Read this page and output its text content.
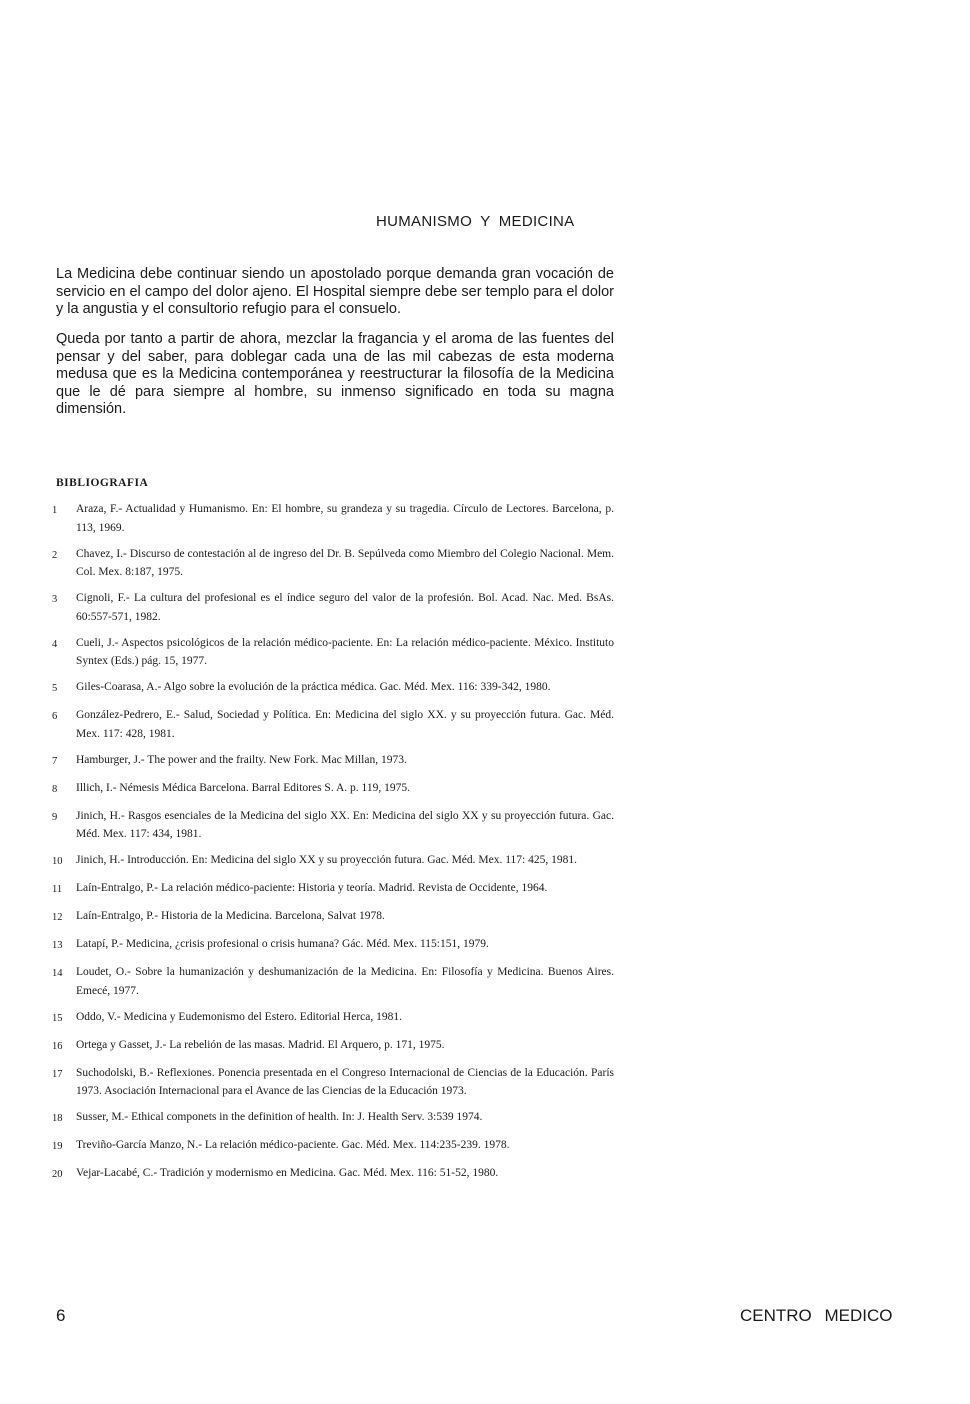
HUMANISMO Y MEDICINA

La Medicina debe continuar siendo un apostolado porque demanda gran vocación de servicio en el campo del dolor ajeno. El Hospital siempre debe ser templo para el dolor y la angustia y el consultorio refugio para el consuelo.

Queda por tanto a partir de ahora, mezclar la fragancia y el aroma de las fuentes del pensar y del saber, para doblegar cada una de las mil cabezas de esta moderna medusa que es la Medicina contemporánea y reestructurar la filosofía de la Medicina que le dé para siempre al hombre, su inmenso significado en toda su magna dimensión.

BIBLIOGRAFIA
1	Araza, F.- Actualidad y Humanismo. En: El hombre, su grandeza y su tragedia. Círculo de Lectores. Barcelona, p. 113, 1969.
2	Chavez, I.- Discurso de contestación al de ingreso del Dr. B. Sepúlveda como Miembro del Colegio Nacional. Mem. Col. Mex. 8:187, 1975.
3	Cignoli, F.- La cultura del profesional es el índice seguro del valor de la profesión. Bol. Acad. Nac. Med. BsAs. 60:557-571, 1982.
4	Cueli, J.- Aspectos psicológicos de la relación médico-paciente. En: La relación médico-paciente. México. Instituto Syntex (Eds.) pág. 15, 1977.
5	Giles-Coarasa, A.- Algo sobre la evolución de la práctica médica. Gac. Méd. Mex. 116: 339-342, 1980.
6	González-Pedrero, E.- Salud, Sociedad y Política. En: Medicina del siglo XX. y su proyección futura. Gac. Méd. Mex. 117: 428, 1981.
7	Hamburger, J.- The power and the frailty. New Fork. Mac Millan, 1973.
8	Illich, I.- Némesis Médica Barcelona. Barral Editores S. A. p. 119, 1975.
9	Jinich, H.- Rasgos esenciales de la Medicina del siglo XX. En: Medicina del siglo XX y su proyección futura. Gac. Méd. Mex. 117: 434, 1981.
10	Jinich, H.- Introducción. En: Medicina del siglo XX y su proyección futura. Gac. Méd. Mex. 117: 425, 1981.
11	Laín-Entralgo, P.- La relación médico-paciente: Historia y teoría. Madrid. Revista de Occidente, 1964.
12	Laín-Entralgo, P.- Historia de la Medicina. Barcelona, Salvat 1978.
13	Latapí, P.- Medicina, ¿crisis profesional o crisis humana? Gác. Méd. Mex. 115:151, 1979.
14	Loudet, O.- Sobre la humanización y deshumanización de la Medicina. En: Filosofía y Medicina. Buenos Aires. Emecé, 1977.
15	Oddo, V.- Medicina y Eudemonismo del Estero. Editorial Herca, 1981.
16	Ortega y Gasset, J.- La rebelión de las masas. Madrid. El Arquero, p. 171, 1975.
17	Suchodolski, B.- Reflexiones. Ponencia presentada en el Congreso Internacional de Ciencias de la Educación. París 1973. Asociación Internacional para el Avance de las Ciencias de la Educación 1973.
18	Susser, M.- Ethical componets in the definition of health. In: J. Health Serv. 3:539 1974.
19	Treviño-García Manzo, N.- La relación médico-paciente. Gac. Méd. Mex. 114:235-239. 1978.
20	Vejar-Lacabé, C.- Tradición y modernismo en Medicina. Gac. Méd. Mex. 116: 51-52, 1980.
6	CENTRO MEDICO
